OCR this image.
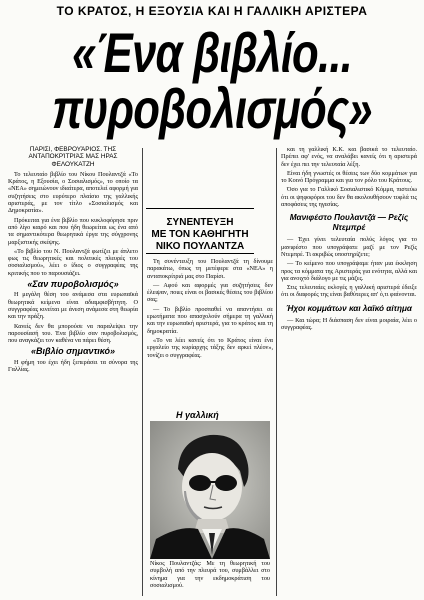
ΤΟ ΚΡΑΤΟΣ, Η ΕΞΟΥΣΙΑ ΚΑΙ Η ΓΑΛΛΙΚΗ ΑΡΙΣΤΕΡΑ
«Ένα βιβλίο...
πυροβολισμός»
ΠΑΡΙΣΙ, ΦΕΒΡΟΥΆΡΙΟΣ. ΤΗΣ ΑΝΤΑΠΟΚΡΊΤΡΙΆΣ ΜΑΣ ΗΡΑΣ ΦΕΛΟΥΚΑΤΖΗ

Το τελευταίο βιβλίο του Νίκου Πουλαντζά «Το Κράτος, η Εξουσία, ο Σοσιαλισμός», το οποίο τα «ΝΕΑ» σημειώνουν ιδιαίτερα, αποτελεί αφορμή για συζητήσεις στο ευρύτερο πλαίσιο της γαλλικής αριστεράς, με τον τίτλο «Σοσιαλισμός και Δημοκρατία».

Πρόκειται για ένα βιβλίο που κυκλοφόρησε πριν από λίγο καιρό και που ήδη θεωρείται ως ένα από τα σημαντικότερα θεωρητικά έργα της σύγχρονης μαρξιστικής σκέψης.

«Το βιβλίο του Ν. Πουλαντζά φωτίζει με άπλετο φως τις θεωρητικές και πολιτικές πλευρές του σοσιαλισμού», λέει ο ίδιος ο συγγραφέας της κριτικής που το παρουσιάζει.

«Σαν πυροβολισμός»

Η μεγάλη θέση του ανάμεσα στα ευρωπαϊκά θεωρητικά κείμενα είναι αδιαμφισβήτητη. Ο συγγραφέας κινείται με άνεση ανάμεσα στη θεωρία και την πράξη.

Κανείς δεν θα μπορούσε να παραλείψει την παρουσίασή του. Ένα βιβλίο σαν πυροβολισμός, που αναγκάζει τον καθένα να πάρει θέση.

«Βιβλίο σημαντικό»

Η φήμη του έχει ήδη ξεπεράσει τα σύνορα της Γαλλίας.

ΣΥΝΕΝΤΕΥΞΗ
ΜΕ ΤΟΝ ΚΑΘΗΓΗΤΗ
ΝΙΚΟ ΠΟΥΛΑΝΤΖΑ

Τη συνέντευξη του Πουλαντζά τη δίνουμε παρακάτω, όπως τη μετέφερε στα «ΝΕΑ» η ανταποκρίτριά μας στο Παρίσι.

— Αφού και αφορμές για συζητήσεις δεν έλειψαν, ποιες είναι οι βασικές θέσεις του βιβλίου σας;

— Το βιβλίο προσπαθεί να απαντήσει σε ερωτήματα που απασχολούν σήμερα τη γαλλική και την ευρωπαϊκή αριστερά, για το κράτος και τη δημοκρατία.

«Το να λέει κανείς ότι το Κράτος είναι ένα εργαλείο της κυρίαρχης τάξης δεν αρκεί πλέον», τονίζει ο συγγραφέας.

Η γαλλική
Νίκος Πουλαντζάς: Με τη θεωρητική του συμβολή από την πλευρά του, συμβάλλει στο κίνημα για την εκδημοκράτιση του σοσιαλισμού.

και τη γαλλική Κ.Κ. και βασικά το τελευταίο. Πρέπει αφ' ενός, να αναλάβει κανείς ότι η αριστερά δεν έχει πει την τελευταία λέξη.

Είναι ήδη γνωστές οι θέσεις των δύο κομμάτων για το Κοινό Πρόγραμμα και για τον ρόλο του Κράτους.

Όσο για το Γαλλικό Σοσιαλιστικό Κόμμα, πιστεύω ότι οι ψηφοφόροι του δεν θα ακολουθήσουν τυφλά τις αποφάσεις της ηγεσίας.

Μανιφέστο Πουλαντζά — Ρεζίς Ντεμπρέ

— Έχει γίνει τελευταία πολύς λόγος για το μανιφέστο που υπογράψατε μαζί με τον Ρεζίς Ντεμπρέ. Τι ακριβώς υποστηρίζετε;

— Το κείμενο που υπογράψαμε ήταν μια έκκληση προς τα κόμματα της Αριστεράς για ενότητα, αλλά και για ανοιχτό διάλογο με τις μάζες.

Στις τελευταίες εκλογές η γαλλική αριστερά έδειξε ότι οι διαφορές της είναι βαθύτερες απ' ό,τι φαίνονται.

Ήχοι κομμάτων και λαϊκό αίτημα

— Και τώρα; Η διάσπαση δεν είναι μοιραία, λέει ο συγγραφέας.
